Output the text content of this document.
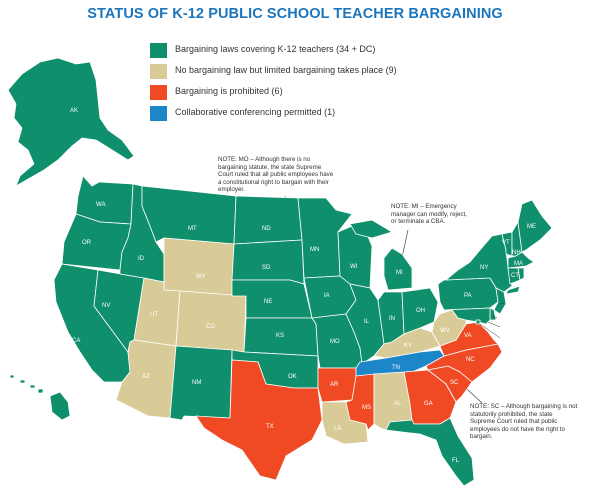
STATUS OF K-12 PUBLIC SCHOOL TEACHER BARGAINING
Bargaining laws covering K-12 teachers (34 + DC)
No bargaining law but limited bargaining takes place (9)
Bargaining is prohibited (6)
Collaborative conferencing permitted (1)
AK
HI
WA
OR
CA
NV
ID
MT
WY
UT
CO
AZ
NM
ND
SD
NE
KS
OK
TX
MN
IA
MO
AR
LA
WI
IL
MI
IN
OH
KY
TN
MS
AL	GA
FL
SC
NC
VA
WV
PA
NY
VT
NH
ME
MA
RI
CT
NJ
DE
MD
DC
NOTE: MO – Although there is no bargaining statute, the state Supreme Court ruled that all public employees have a constitutional right to bargain with their employer.
NOTE: MI – Emergency manager can modify, reject, or terminate a CBA.
NOTE: SC – Although bargaining is not statutorily prohibited, the state Supreme Court ruled that public employees do not have the right to bargain.
